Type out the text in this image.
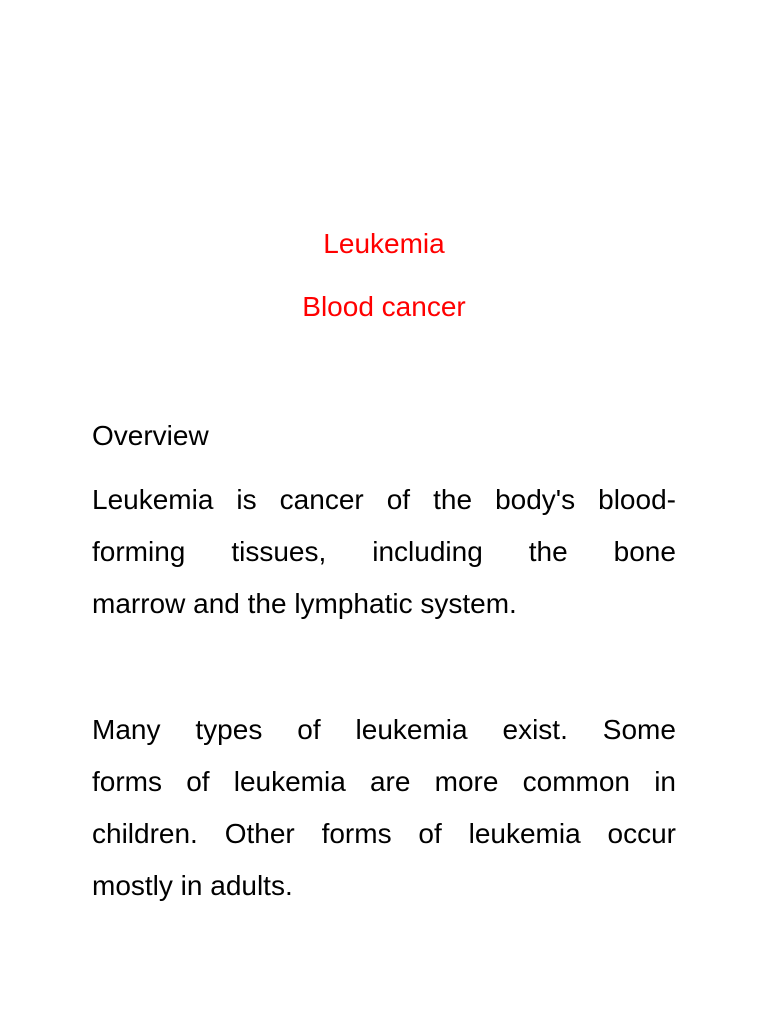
Leukemia
Blood cancer
Overview
Leukemia is cancer of the body's blood-
forming tissues, including the bone
marrow and the lymphatic system.
Many types of leukemia exist. Some
forms of leukemia are more common in
children. Other forms of leukemia occur
mostly in adults.
